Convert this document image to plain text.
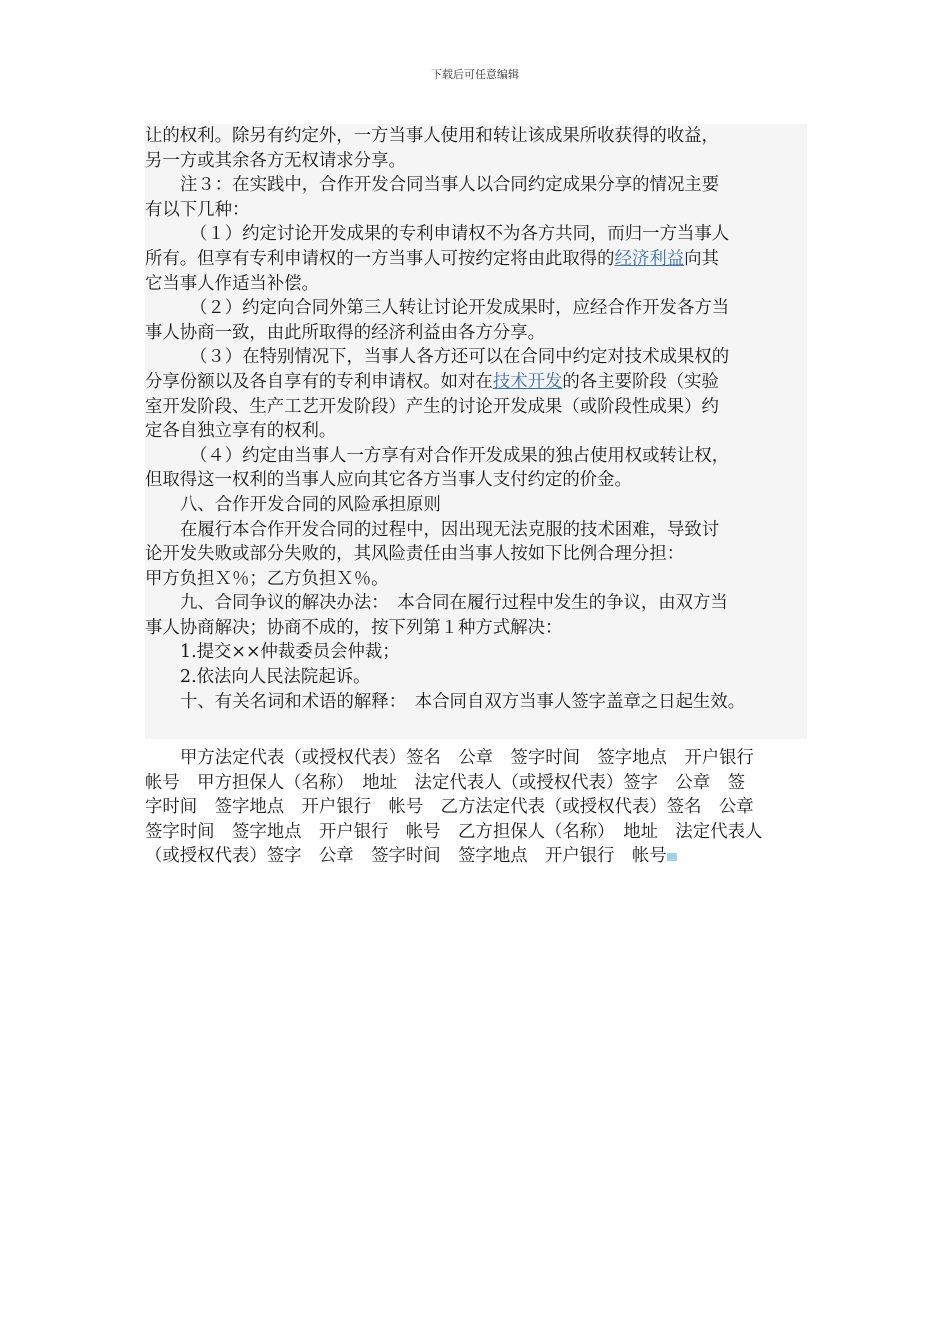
下载后可任意编辑

让的权利。除另有约定外，一方当事人使用和转让该成果所收获得的收益，

另一方或其余各方无权请求分享。

注３：在实践中，合作开发合同当事人以合同约定成果分享的情况主要

有以下几种：

（１）约定讨论开发成果的专利申请权不为各方共同，而归一方当事人

所有。但享有专利申请权的一方当事人可按约定将由此取得的经济利益向其

它当事人作适当补偿。

（２）约定向合同外第三人转让讨论开发成果时，应经合作开发各方当

事人协商一致，由此所取得的经济利益由各方分享。

（３）在特别情况下，当事人各方还可以在合同中约定对技术成果权的

分享份额以及各自享有的专利申请权。如对在技术开发的各主要阶段（实验

室开发阶段、生产工艺开发阶段）产生的讨论开发成果（或阶段性成果）约

定各自独立享有的权利。

（４）约定由当事人一方享有对合作开发成果的独占使用权或转让权，

但取得这一权利的当事人应向其它各方当事人支付约定的价金。

八、合作开发合同的风险承担原则

在履行本合作开发合同的过程中，因出现无法克服的技术困难，导致讨

论开发失败或部分失败的，其风险责任由当事人按如下比例合理分担：

甲方负担Ｘ％；乙方负担Ｘ％。

九、合同争议的解决办法：　本合同在履行过程中发生的争议，由双方当

事人协商解决；协商不成的，按下列第１种方式解决：

1.提交××仲裁委员会仲裁；

2.依法向人民法院起诉。

十、有关名词和术语的解释：　本合同自双方当事人签字盖章之日起生效。

甲方法定代表（或授权代表）签名　公章　签字时间　签字地点　开户银行

帐号　甲方担保人（名称）　地址　法定代表人（或授权代表）签字　公章　签

字时间　签字地点　开户银行　帐号　乙方法定代表（或授权代表）签名　公章

签字时间　签字地点　开户银行　帐号　乙方担保人（名称）　地址　法定代表人

（或授权代表）签字　公章　签字时间　签字地点　开户银行　帐号
